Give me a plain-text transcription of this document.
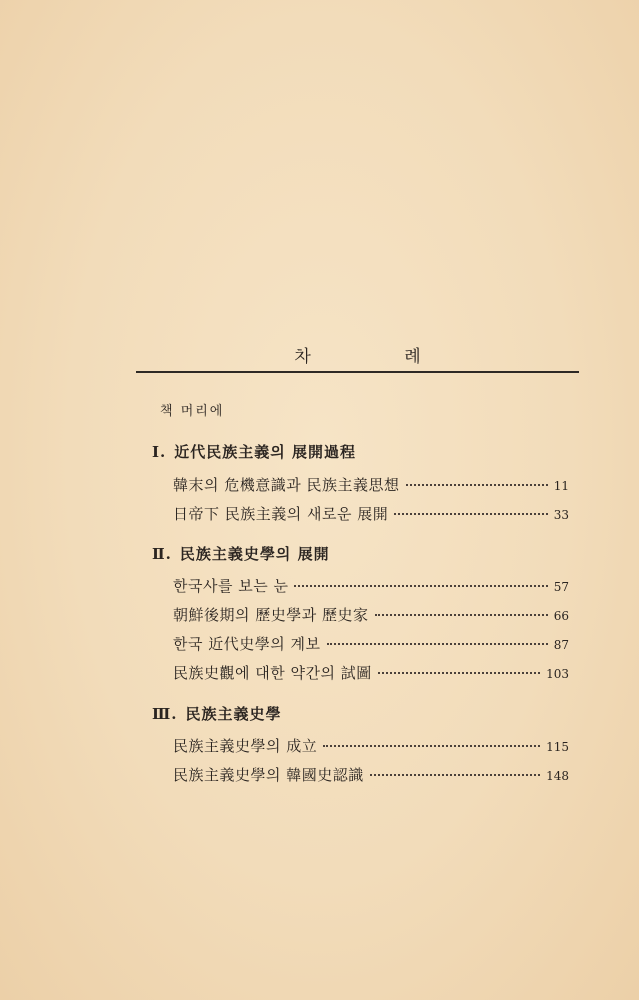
차 례
책 머리에
Ⅰ. 近代民族主義의 展開過程
韓末의 危機意識과 民族主義思想	11
日帝下 民族主義의 새로운 展開	33
Ⅱ. 民族主義史學의 展開
한국사를 보는 눈	57
朝鮮後期의 歷史學과 歷史家	66
한국 近代史學의 계보	87
民族史觀에 대한 약간의 試圖	103
Ⅲ. 民族主義史學
民族主義史學의 成立	115
民族主義史學의 韓國史認識	148
